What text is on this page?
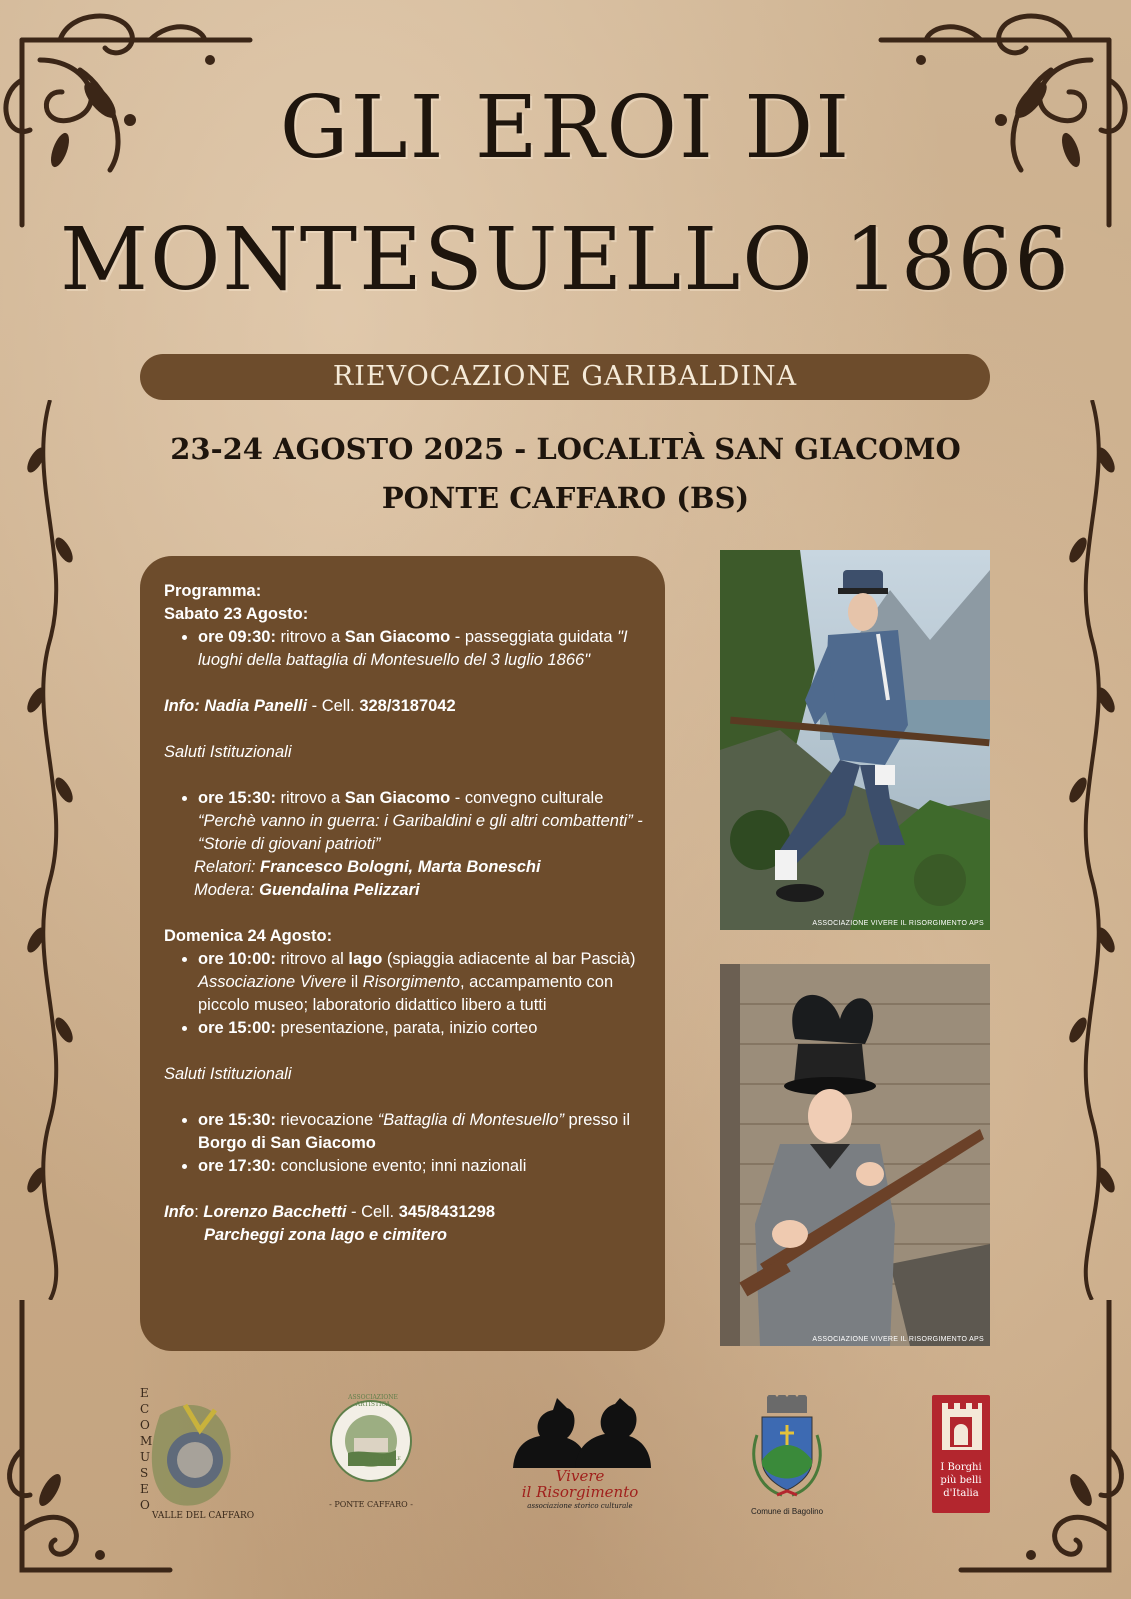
GLI EROI DI
MONTESUELLO 1866
RIEVOCAZIONE GARIBALDINA
23-24 AGOSTO 2025 - LOCALITÀ SAN GIACOMO
PONTE CAFFARO (BS)
Programma:
Sabato 23 Agosto:
• ore 09:30: ritrovo a San Giacomo - passeggiata guidata "I luoghi della battaglia di Montesuello del 3 luglio 1866"
Info: Nadia Panelli - Cell. 328/3187042
Saluti Istituzionali
• ore 15:30: ritrovo a San Giacomo - convegno culturale “Perchè vanno in guerra: i Garibaldini e gli altri combattenti” - “Storie di giovani patrioti”
Relatori: Francesco Bologni, Marta Boneschi
Modera: Guendalina Pelizzari
Domenica 24 Agosto:
• ore 10:00: ritrovo al lago (spiaggia adiacente al bar Pascià) Associazione Vivere il Risorgimento, accampamento con piccolo museo; laboratorio didattico libero a tutti
• ore 15:00: presentazione, parata, inizio corteo
Saluti Istituzionali
• ore 15:30: rievocazione “Battaglia di Montesuello” presso il Borgo di San Giacomo
• ore 17:30: conclusione evento; inni nazionali
Info: Lorenzo Bacchetti - Cell. 345/8431298
Parcheggi zona lago e cimitero
ASSOCIAZIONE VIVERE IL RISORGIMENTO APS
ASSOCIAZIONE VIVERE IL RISORGIMENTO APS
ECOMUSEO
VALLE DEL CAFFARO
ASSOCIAZIONE ARTISTICA
CULTURALE ONLUS
- PONTE CAFFARO -
Vivere
il Risorgimento
associazione storico culturale
Comune di Bagolino
I Borghi
più belli
d'Italia
